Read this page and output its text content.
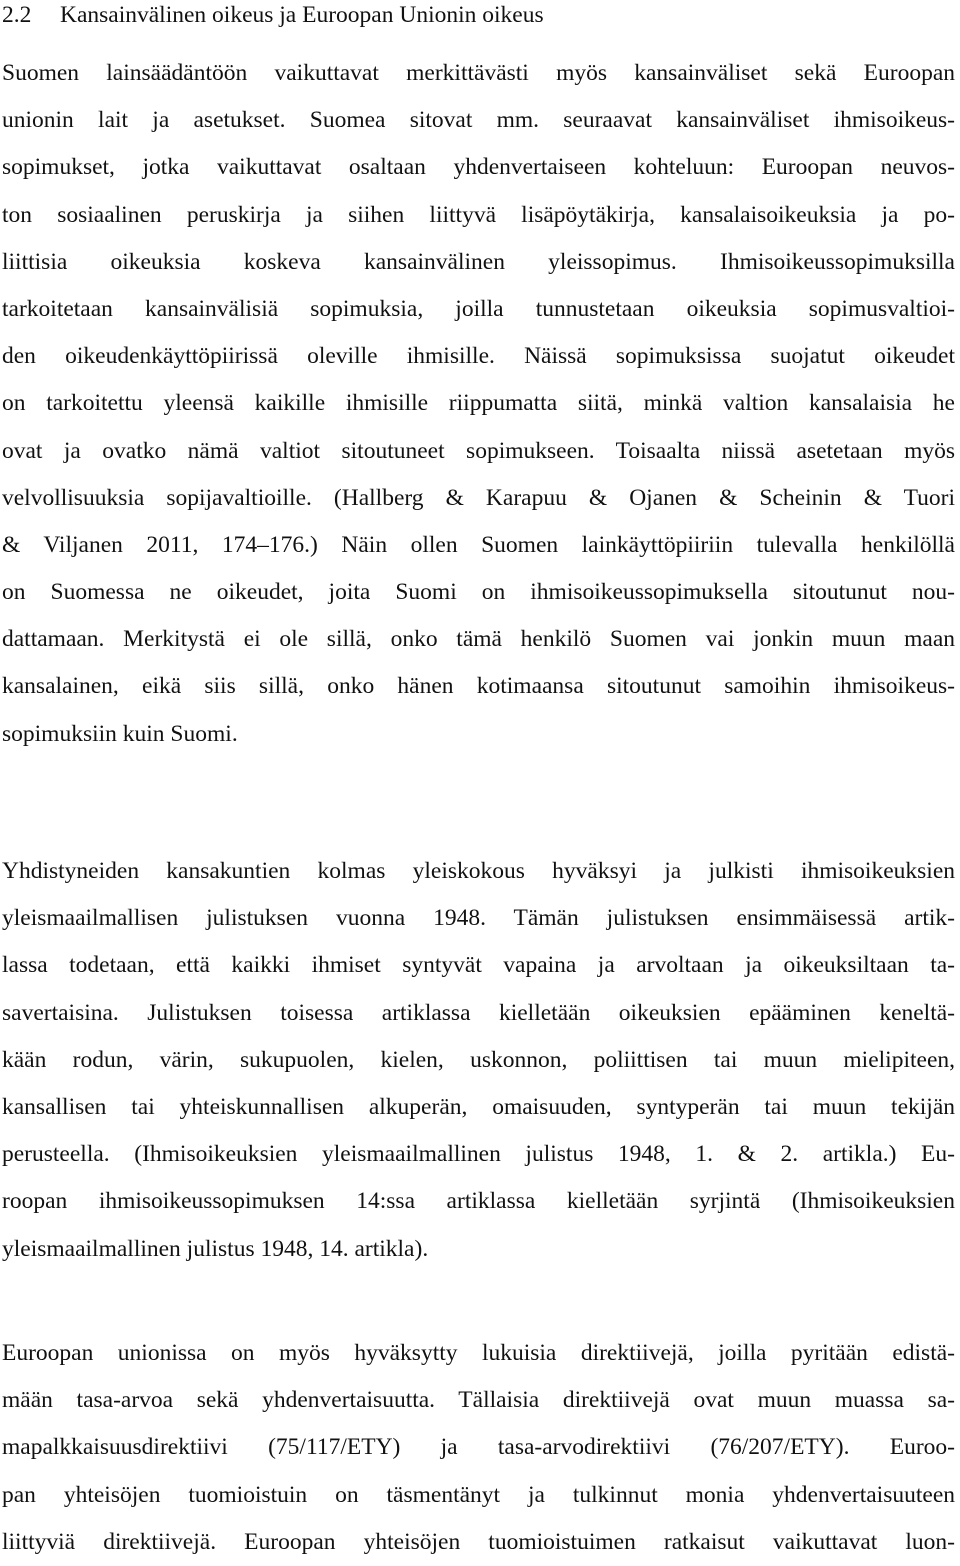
2.2 Kansainvälinen oikeus ja Euroopan Unionin oikeus
Suomen lainsäädäntöön vaikuttavat merkittävästi myös kansainväliset sekä Euroopan
unionin lait ja asetukset. Suomea sitovat mm. seuraavat kansainväliset ihmisoikeus-
sopimukset, jotka vaikuttavat osaltaan yhdenvertaiseen kohteluun: Euroopan neuvos-
ton sosiaalinen peruskirja ja siihen liittyvä lisäpöytäkirja, kansalaisoikeuksia ja po-
liittisia oikeuksia koskeva kansainvälinen yleissopimus. Ihmisoikeussopimuksilla
tarkoitetaan kansainvälisiä sopimuksia, joilla tunnustetaan oikeuksia sopimusvaltioi-
den oikeudenkäyttöpiirissä oleville ihmisille. Näissä sopimuksissa suojatut oikeudet
on tarkoitettu yleensä kaikille ihmisille riippumatta siitä, minkä valtion kansalaisia he
ovat ja ovatko nämä valtiot sitoutuneet sopimukseen. Toisaalta niissä asetetaan myös
velvollisuuksia sopijavaltioille. (Hallberg & Karapuu & Ojanen & Scheinin & Tuori
& Viljanen 2011, 174–176.) Näin ollen Suomen lainkäyttöpiiriin tulevalla henkilöllä
on Suomessa ne oikeudet, joita Suomi on ihmisoikeussopimuksella sitoutunut nou-
dattamaan. Merkitystä ei ole sillä, onko tämä henkilö Suomen vai jonkin muun maan
kansalainen, eikä siis sillä, onko hänen kotimaansa sitoutunut samoihin ihmisoikeus-
sopimuksiin kuin Suomi.
Yhdistyneiden kansakuntien kolmas yleiskokous hyväksyi ja julkisti ihmisoikeuksien
yleismaailmallisen julistuksen vuonna 1948. Tämän julistuksen ensimmäisessä artik-
lassa todetaan, että kaikki ihmiset syntyvät vapaina ja arvoltaan ja oikeuksiltaan ta-
savertaisina. Julistuksen toisessa artiklassa kielletään oikeuksien epääminen keneltä-
kään rodun, värin, sukupuolen, kielen, uskonnon, poliittisen tai muun mielipiteen,
kansallisen tai yhteiskunnallisen alkuperän, omaisuuden, syntyperän tai muun tekijän
perusteella. (Ihmisoikeuksien yleismaailmallinen julistus 1948, 1. & 2. artikla.) Eu-
roopan ihmisoikeussopimuksen 14:ssa artiklassa kielletään syrjintä (Ihmisoikeuksien
yleismaailmallinen julistus 1948, 14. artikla).
Euroopan unionissa on myös hyväksytty lukuisia direktiivejä, joilla pyritään edistä-
mään tasa-arvoa sekä yhdenvertaisuutta. Tällaisia direktiivejä ovat muun muassa sa-
mapalkkaisuusdirektiivi (75/117/ETY) ja tasa-arvodirektiivi (76/207/ETY). Euroo-
pan yhteisöjen tuomioistuin on täsmentänyt ja tulkinnut monia yhdenvertaisuuteen
liittyviä direktiivejä. Euroopan yhteisöjen tuomioistuimen ratkaisut vaikuttavat luon-
